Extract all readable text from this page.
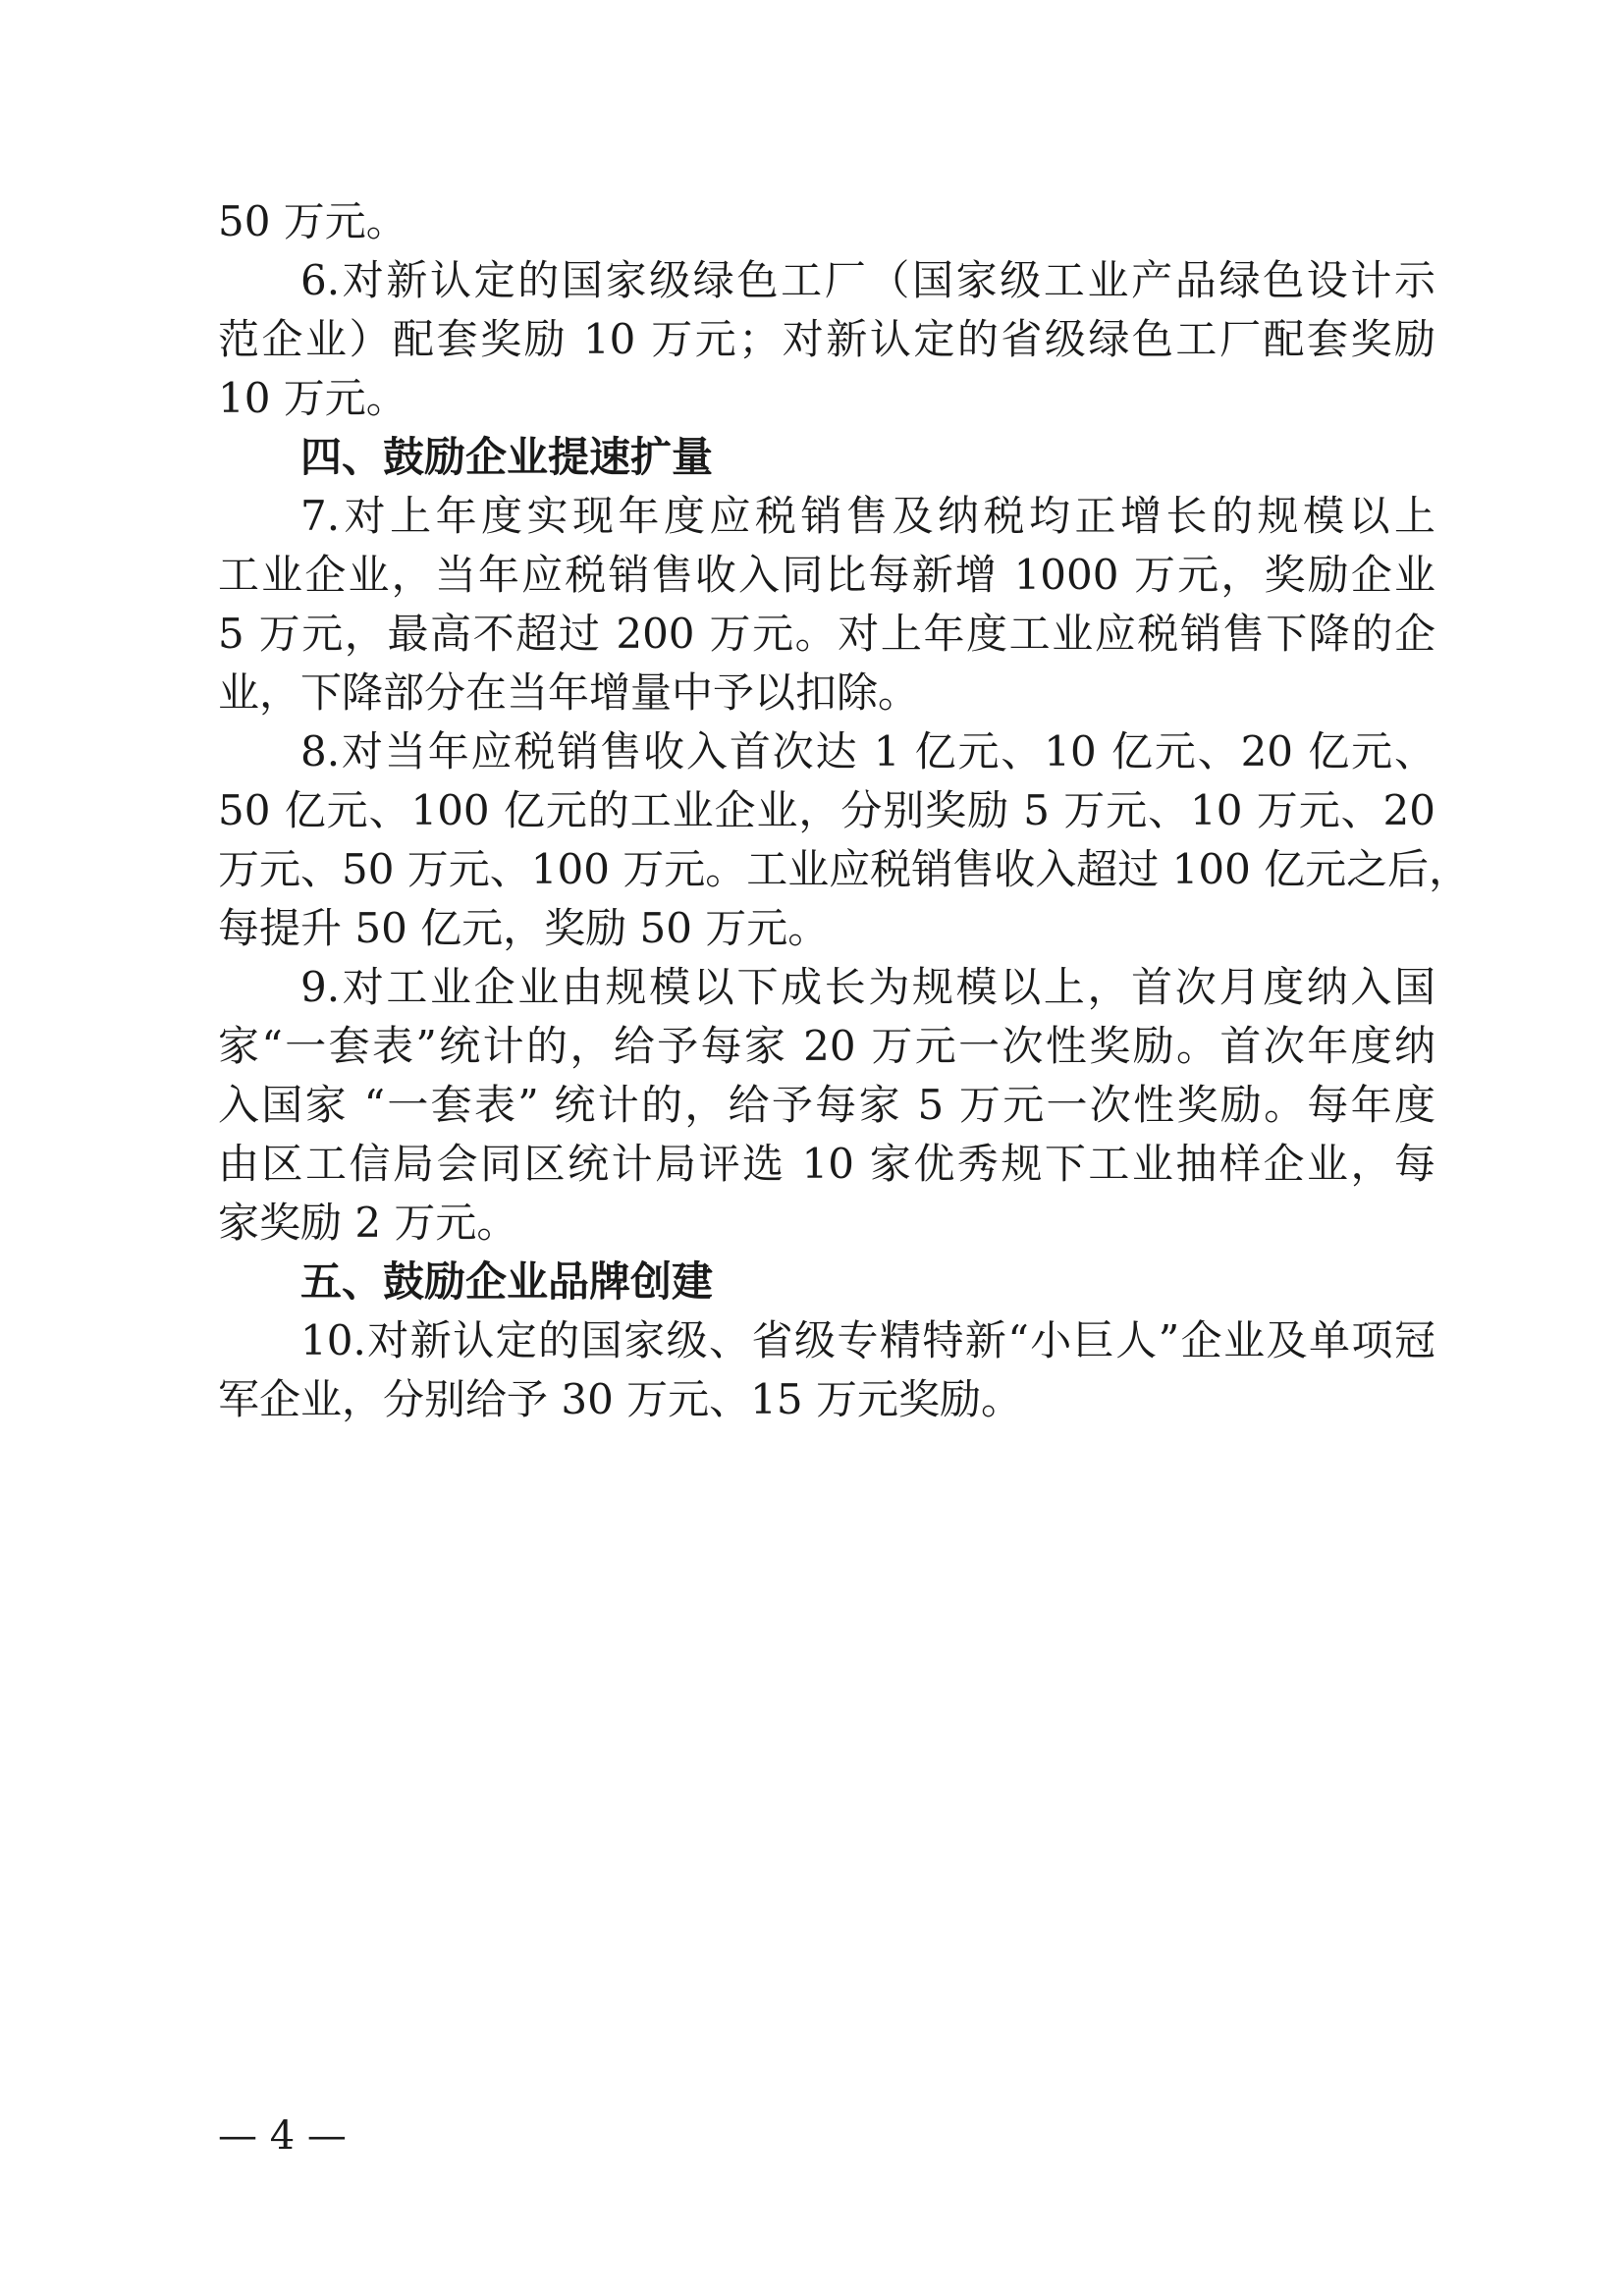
50 万元。
6.对新认定的国家级绿色工厂（国家级工业产品绿色设计示
范企业）配套奖励 10 万元；对新认定的省级绿色工厂配套奖励
10 万元。
四、鼓励企业提速扩量
7.对上年度实现年度应税销售及纳税均正增长的规模以上
工业企业，当年应税销售收入同比每新增 1000 万元，奖励企业
5 万元，最高不超过 200 万元。对上年度工业应税销售下降的企
业，下降部分在当年增量中予以扣除。
8.对当年应税销售收入首次达 1 亿元、10 亿元、20 亿元、
50 亿元、100 亿元的工业企业，分别奖励 5 万元、10 万元、20
万元、50 万元、100 万元。工业应税销售收入超过 100 亿元之后，
每提升 50 亿元，奖励 50 万元。
9.对工业企业由规模以下成长为规模以上，首次月度纳入国
家“一套表”统计的，给予每家 20 万元一次性奖励。首次年度纳
入国家 “一套表” 统计的，给予每家 5 万元一次性奖励。每年度
由区工信局会同区统计局评选 10 家优秀规下工业抽样企业，每
家奖励 2 万元。
五、鼓励企业品牌创建
10.对新认定的国家级、省级专精特新“小巨人”企业及单项冠
军企业，分别给予 30 万元、15 万元奖励。
— 4 —
